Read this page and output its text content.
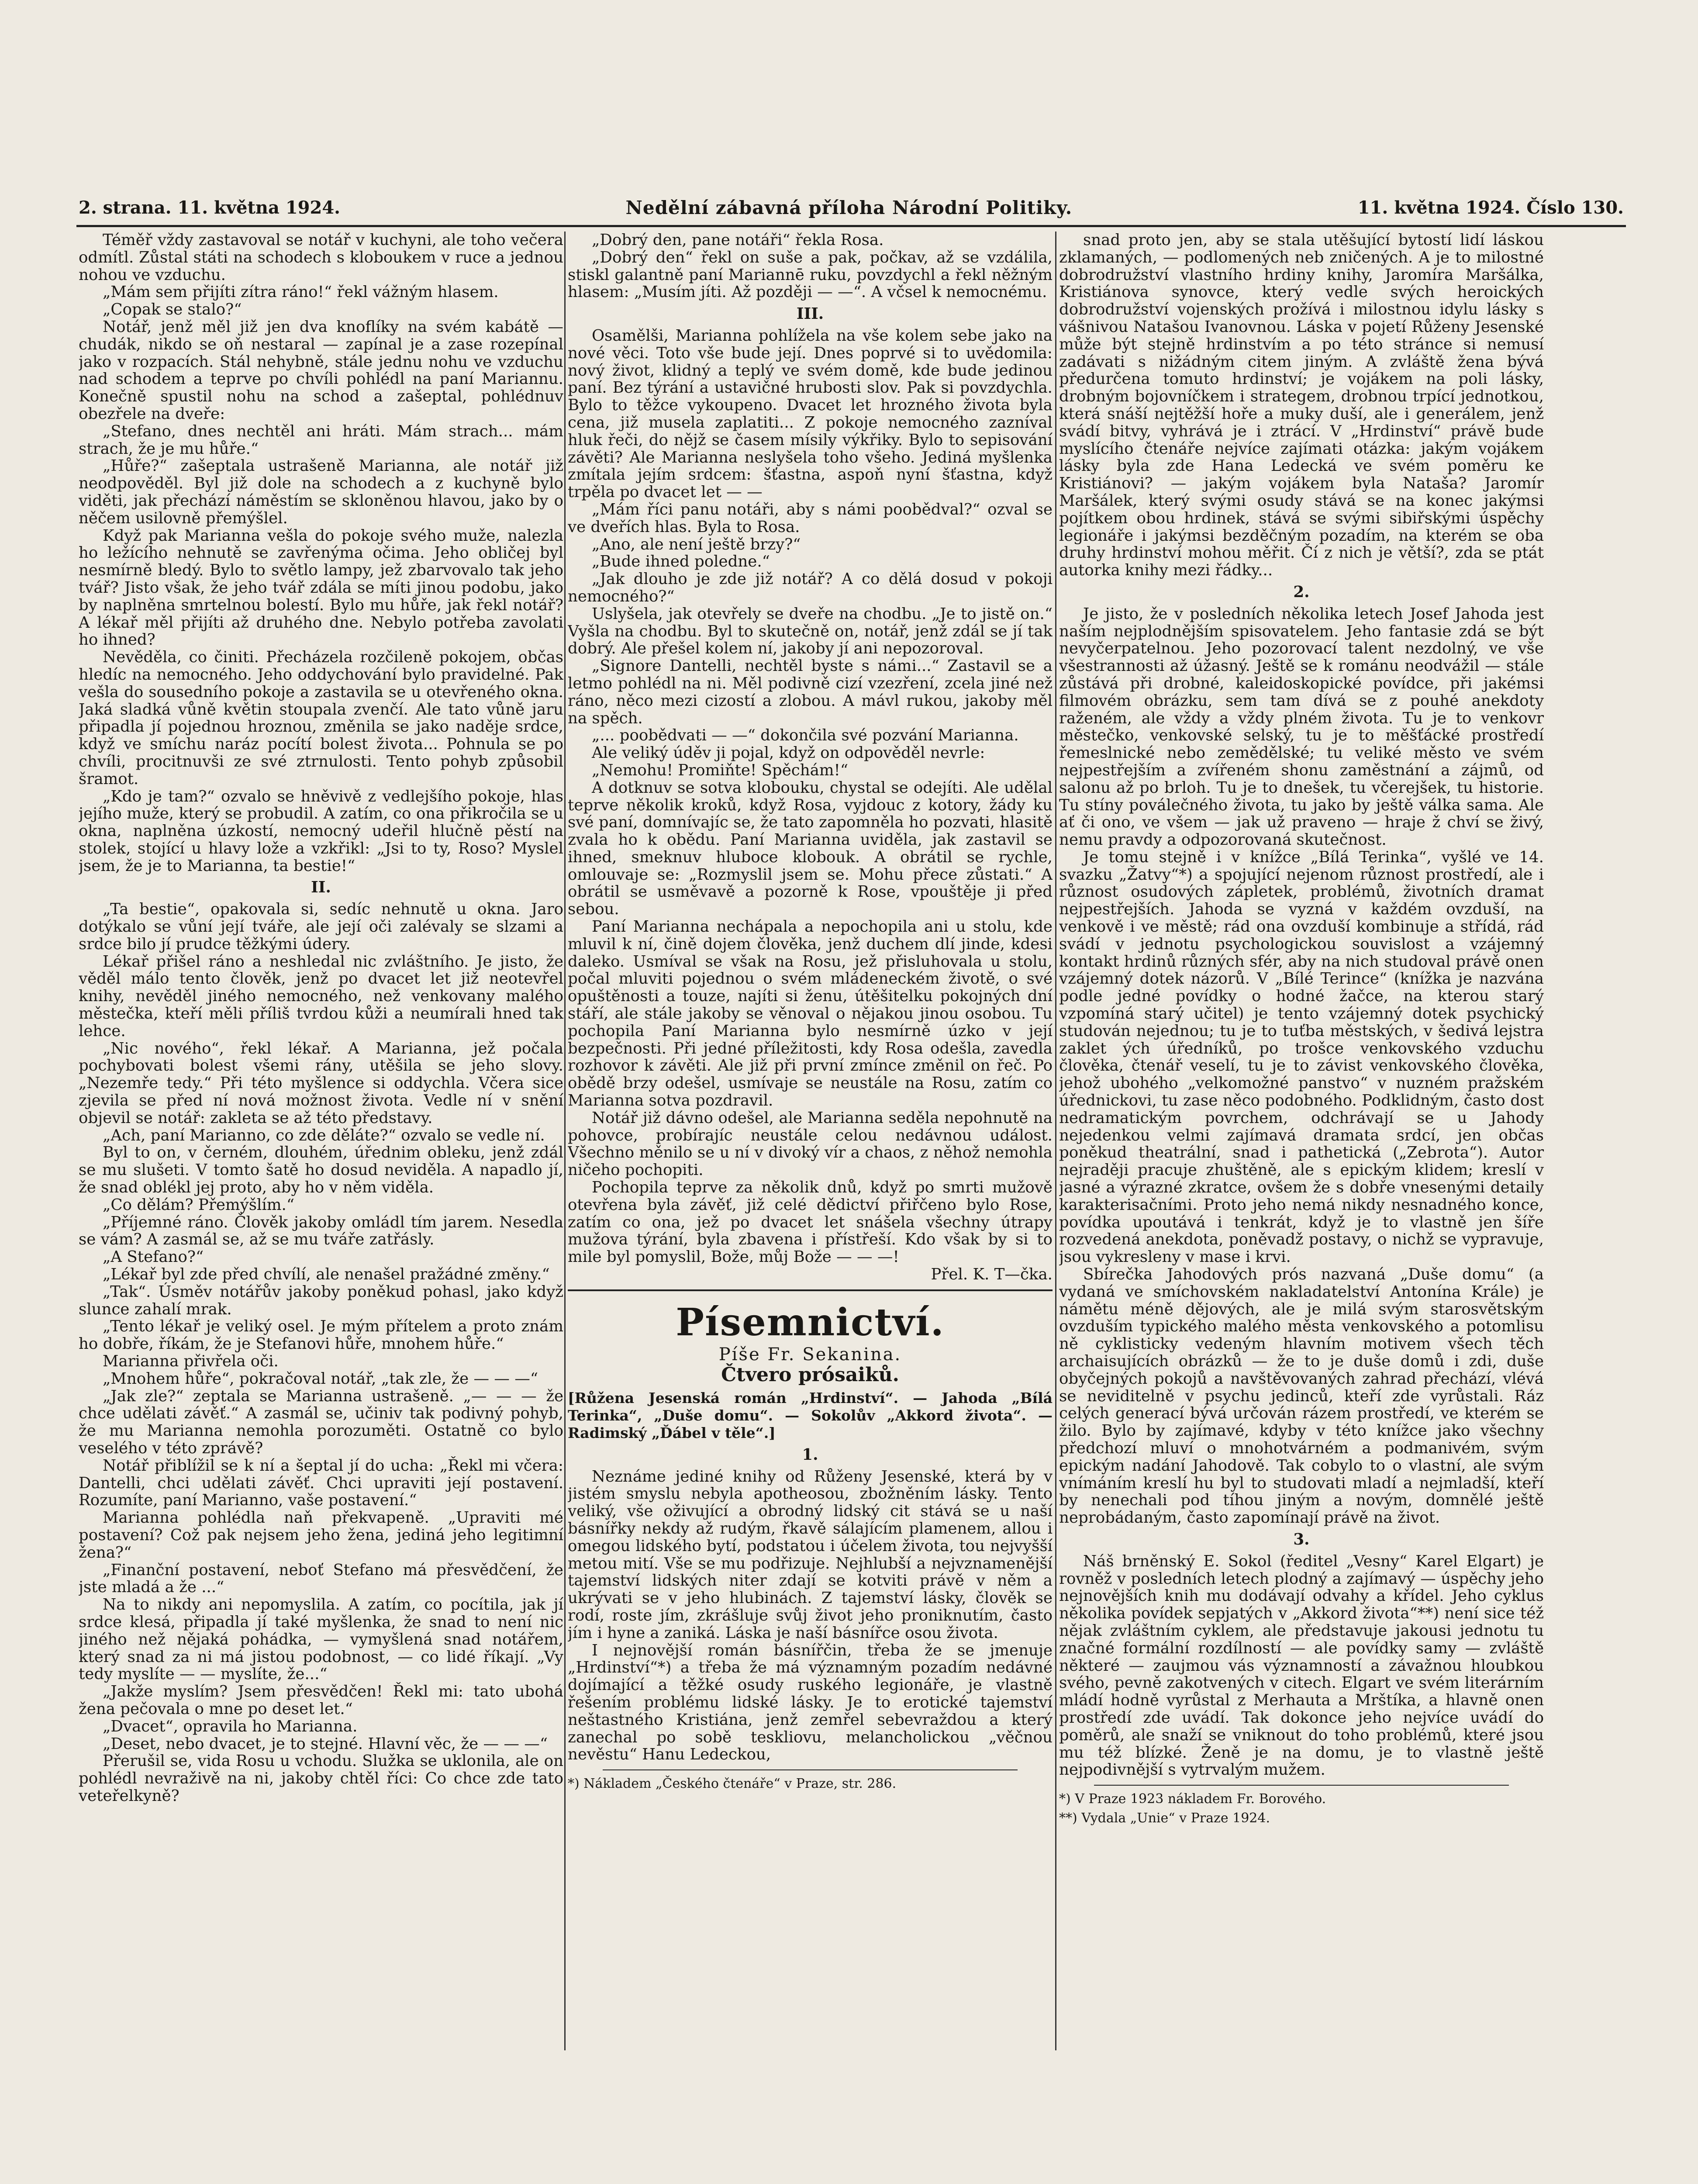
2. strana. 11. května 1924.	Nedělní zábavná příloha Národní Politiky.	11. května 1924. Číslo 130.

Téměř vždy zastavoval se notář v kuchyni, ale toho večera odmítl. Zůstal státi na schodech s kloboukem v ruce a jednou nohou ve vzduchu.

„Mám sem přijíti zítra ráno!“ řekl vážným hlasem.

„Copak se stalo?“

Notář, jenž měl již jen dva knoflíky na svém kabátě — chudák, nikdo se oň nestaral — zapínal je a zase rozepínal jako v rozpacích. Stál nehybně, stále jednu nohu ve vzduchu nad schodem a teprve po chvíli pohlédl na paní Mariannu. Konečně spustil nohu na schod a zašeptal, pohlédnuv obezřele na dveře:

„Stefano, dnes nechtěl ani hráti. Mám strach... mám strach, že je mu hůře.“

„Hůře?“ zašeptala ustrašeně Marianna, ale notář již neodpověděl. Byl již dole na schodech a z kuchyně bylo viděti, jak přechází náměstím se skloněnou hlavou, jako by o něčem usilovně přemýšlel.

Když pak Marianna vešla do pokoje svého muže, nalezla ho ležícího nehnutě se zavřenýma očima. Jeho obličej byl nesmírně bledý. Bylo to světlo lampy, jež zbarvovalo tak jeho tvář? Jisto však, že jeho tvář zdála se míti jinou podobu, jako by naplněna smrtelnou bolestí. Bylo mu hůře, jak řekl notář? A lékař měl přijíti až druhého dne. Nebylo potřeba zavolati ho ihned?

Nevěděla, co činiti. Přecházela rozčileně pokojem, občas hledíc na nemocného. Jeho oddychování bylo pravidelné. Pak vešla do sousedního pokoje a zastavila se u otevřeného okna. Jaká sladká vůně květin stoupala zvenčí. Ale tato vůně jaru připadla jí pojednou hroznou, změnila se jako naděje srdce, když ve smíchu naráz pocítí bolest života... Pohnula se po chvíli, procitnuvši ze své ztrnulosti. Tento pohyb způsobil šramot.

„Kdo je tam?“ ozvalo se hněvivě z vedlejšího pokoje, hlas jejího muže, který se probudil. A zatím, co ona přikročila se u okna, naplněna úzkostí, nemocný udeřil hlučně pěstí na stolek, stojící u hlavy lože a vzkřikl: „Jsi to ty, Roso? Myslel jsem, že je to Marianna, ta bestie!“

II.

„Ta bestie“, opakovala si, sedíc nehnutě u okna. Jaro dotýkalo se vůní její tváře, ale její oči zalévaly se slzami a srdce bilo jí prudce těžkými údery.

Lékař přišel ráno a neshledal nic zvláštního. Je jisto, že věděl málo tento člověk, jenž po dvacet let již neotevřel knihy, nevěděl jiného nemocného, než venkovany malého městečka, kteří měli příliš tvrdou kůži a neumírali hned tak lehce.

„Nic nového“, řekl lékař. A Marianna, jež počala pochybovati bolest všemi rány, utěšila se jeho slovy. „Nezemře tedy.“ Při této myšlence si oddychla. Včera sice zjevila se před ní nová možnost života. Vedle ní v snění objevil se notář: zakleta se až této představy.

„Ach, paní Marianno, co zde děláte?“ ozvalo se vedle ní.

Byl to on, v černém, dlouhém, úřednim obleku, jenž zdál se mu slušeti. V tomto šatě ho dosud neviděla. A napadlo jí, že snad oblékl jej proto, aby ho v něm viděla.

„Co dělám? Přemýšlím.“

„Příjemné ráno. Člověk jakoby omládl tím jarem. Nesedla se vám? A zasmál se, až se mu tváře zatřásly.

„A Stefano?“

„Lékař byl zde před chvílí, ale nenašel pražádné změny.“

„Tak“. Úsměv notářův jakoby poněkud pohasl, jako když slunce zahalí mrak.

„Tento lékař je veliký osel. Je mým přítelem a proto znám ho dobře, říkám, že je Stefanovi hůře, mnohem hůře.“

Marianna přivřela oči.

„Mnohem hůře“, pokračoval notář, „tak zle, že — — —“

„Jak zle?“ zeptala se Marianna ustrašeně. „— — — že chce udělati závěť.“ A zasmál se, učiniv tak podivný pohyb, že mu Marianna nemohla porozuměti. Ostatně co bylo veselého v této zprávě?

Notář přiblížil se k ní a šeptal jí do ucha: „Řekl mi včera: Dantelli, chci udělati závěť. Chci upraviti její postavení. Rozumíte, paní Marianno, vaše postavení.“

Marianna pohlédla naň překvapeně. „Upraviti mé postavení? Což pak nejsem jeho žena, jediná jeho legitimní žena?“

„Finanční postavení, neboť Stefano má přesvědčení, že jste mladá a že ...“

Na to nikdy ani nepomyslila. A zatím, co pocítila, jak jí srdce klesá, připadla jí také myšlenka, že snad to není nic jiného než nějaká pohádka, — vymyšlená snad notářem, který snad za ni má jistou podobnost, — co lidé říkají. „Vy tedy myslíte — — myslíte, že...“

„Jakže myslím? Jsem přesvědčen! Řekl mi: tato ubohá žena pečovala o mne po deset let.“

„Dvacet“, opravila ho Marianna.

„Deset, nebo dvacet, je to stejné. Hlavní věc, že — — —“

Přerušil se, vida Rosu u vchodu. Služka se uklonila, ale on pohlédl nevraživě na ni, jakoby chtěl říci: Co chce zde tato veteřelkyně?

„Dobrý den, pane notáři“ řekla Rosa.

„Dobrý den“ řekl on suše a pak, počkav, až se vzdálila, stiskl galantně paní Mariannē ruku, povzdychl a řekl něžným hlasem: „Musím jíti. Až později — —“. A včsel k nemocnému.

III.

Osamělši, Marianna pohlížela na vše kolem sebe jako na nové věci. Toto vše bude její. Dnes poprvé si to uvědomila: nový život, klidný a teplý ve svém domě, kde bude jedinou paní. Bez týrání a ustavičné hrubosti slov. Pak si povzdychla. Bylo to těžce vykoupeno. Dvacet let hrozného života byla cena, již musela zaplatiti... Z pokoje nemocného zazníval hluk řeči, do nějž se časem mísily výkřiky. Bylo to sepisování závěti? Ale Marianna neslyšela toho všeho. Jediná myšlenka zmítala jejím srdcem: šťastna, aspoň nyní šťastna, když trpěla po dvacet let — —

„Mám říci panu notáři, aby s námi poobědval?“ ozval se ve dveřích hlas. Byla to Rosa.

„Ano, ale není ještě brzy?“

„Bude ihned poledne.“

„Jak dlouho je zde již notář? A co dělá dosud v pokoji nemocného?“

Uslyšela, jak otevřely se dveře na chodbu. „Je to jistě on.“ Vyšla na chodbu. Byl to skutečně on, notář, jenž zdál se jí tak dobrý. Ale přešel kolem ní, jakoby jí ani nepozoroval.

„Signore Dantelli, nechtěl byste s námi...“ Zastavil se a letmo pohlédl na ni. Měl podivně cizí vzezření, zcela jiné než ráno, něco mezi cizostí a zlobou. A mávl rukou, jakoby měl na spěch.

„... poobědvati — —“ dokončila své pozvání Marianna.

Ale veliký úděv ji pojal, když on odpověděl nevrle:

„Nemohu! Promiňte! Spěchám!“

A dotknuv se sotva klobouku, chystal se odejíti. Ale udělal teprve několik kroků, když Rosa, vyjdouc z kotory, žády ku své paní, domnívajíc se, že tato zapomněla ho pozvati, hlasitě zvala ho k obědu. Paní Marianna uviděla, jak zastavil se ihned, smeknuv hluboce klobouk. A obrátil se rychle, omlouvaje se: „Rozmyslil jsem se. Mohu přece zůstati.“ A obrátil se usměvavě a pozorně k Rose, vpouštěje ji před sebou.

Paní Marianna nechápala a nepochopila ani u stolu, kde mluvil k ní, čině dojem člověka, jenž duchem dlí jinde, kdesi daleko. Usmíval se však na Rosu, jež přisluhovala u stolu, počal mluviti pojednou o svém mládeneckém životě, o své opuštěnosti a touze, najíti si ženu, útěšitelku pokojných dní stáří, ale stále jakoby se věnoval o nějakou jinou osobou. Tu pochopila Paní Marianna bylo nesmírně úzko v její bezpečnosti. Při jedné příležitosti, kdy Rosa odešla, zavedla rozhovor k závěti. Ale již při první zmínce změnil on řeč. Po obědě brzy odešel, usmívaje se neustále na Rosu, zatím co Marianna sotva pozdravil.

Notář již dávno odešel, ale Marianna seděla nepohnutě na pohovce, probírajíc neustále celou nedávnou událost. Všechno měnilo se u ní v divoký vír a chaos, z něhož nemohla ničeho pochopiti.

Pochopila teprve za několik dnů, když po smrti mužově otevřena byla závěť, již celé dědictví přiřčeno bylo Rose, zatím co ona, jež po dvacet let snášela všechny útrapy mužova týrání, byla zbavena i přístřeší. Kdo však by si to mile byl pomyslil, Bože, můj Bože — — —!

Přel. K. T—čka.

Písemnictví.

Píše Fr. Sekanina.

Čtvero prósaiků.

[Růžena Jesenská román „Hrdinství“. — Jahoda „Bílá Terinka“, „Duše domu“. — Sokolův „Akkord života“. — Radimský „Ďábel v těle“.]

1.

Neznáme jediné knihy od Růženy Jesenské, která by v jistém smyslu nebyla apotheosou, zbožněním lásky. Tento veliký, vše oživující a obrodný lidský cit stává se u naší básnířky nekdy až rudým, řkavě sálajícím plamenem, allou i omegou lidského bytí, podstatou i účelem života, tou nejvyšší metou mití. Vše se mu podřizuje. Nejhlubší a nejvznamenější tajemství lidských niter zdají se kotviti právě v něm a ukrývati se v jeho hlubinách. Z tajemství lásky, člověk se rodí, roste jím, zkrášluje svůj život jeho proniknutím, často jím i hyne a zaniká. Láska je naší básnířce osou života.

I nejnovější román básnířčin, třeba že se jmenuje „Hrdinství“*) a třeba že má významným pozadím nedávné dojímající a těžké osudy ruského legionáře, je vlastně řešením problému lidské lásky. Je to erotické tajemství neštastného Kristiána, jenž zemřel sebevraždou a který zanechal po sobě teskliovu, melancholickou „věčnou nevěstu“ Hanu Ledeckou,

*) Nákladem „Českého čtenáře“ v Praze, str. 286.

snad proto jen, aby se stala utěšující bytostí lidí láskou zklamaných, — podlomených neb zničených. A je to milostné dobrodružství vlastního hrdiny knihy, Jaromíra Maršálka, Kristiánova synovce, který vedle svých heroických dobrodružství vojenských prožívá i milostnou idylu lásky s vášnivou Natašou Ivanovnou. Láska v pojetí Růženy Jesenské může být stejně hrdinstvím a po této stránce si nemusí zadávati s nižádným citem jiným. A zvláště žena bývá předurčena tomuto hrdinství; je vojákem na poli lásky, drobným bojovníčkem i strategem, drobnou trpící jednotkou, která snáší nejtěžší hoře a muky duší, ale i generálem, jenž svádí bitvy, vyhrává je i ztrácí. V „Hrdinství“ právě bude myslícího čtenáře nejvíce zajímati otázka: jakým vojákem lásky byla zde Hana Ledecká ve svém poměru ke Kristiánovi? — jakým vojákem byla Nataša? Jaromír Maršálek, který svými osudy stává se na konec jakýmsi pojítkem obou hrdinek, stává se svými sibiřskými úspěchy legionáře i jakýmsi bezděčným pozadím, na kterém se oba druhy hrdinství mohou měřit. Čí z nich je větší?, zda se ptát autorka knihy mezi řádky...

2.

Je jisto, že v posledních několika letech Josef Jahoda jest naším nejplodnějším spisovatelem. Jeho fantasie zdá se být nevyčerpatelnou. Jeho pozorovací talent nezdolný, ve vše všestrannosti až úžasný. Ještě se k románu neodvážil — stále zůstává při drobné, kaleidoskopické povídce, při jakémsi filmovém obrázku, sem tam dívá se z pouhé anekdoty raženém, ale vždy a vždy plném života. Tu je to venkovr městečko, venkovské selský, tu je to měšťácké prostředí řemeslnické nebo zemědělské; tu veliké město ve svém nejpestřejším a zvířeném shonu zaměstnání a zájmů, od salonu až po brloh. Tu je to dnešek, tu včerejšek, tu historie. Tu stíny poválečného života, tu jako by ještě válka sama. Ale ať či ono, ve všem — jak už praveno — hraje ž chví se živý, nemu pravdy a odpozorovaná skutečnost.

Je tomu stejně i v knížce „Bílá Terinka“, vyšlé ve 14. svazku „Žatvy“*) a spojující nejenom různost prostředí, ale i různost osudových zápletek, problémů, životních dramat nejpestřejších. Jahoda se vyzná v každém ovzduší, na venkově i ve městě; rád ona ovzduší kombinuje a střídá, rád svádí v jednotu psychologickou souvislost a vzájemný kontakt hrdinů různých sfér, aby na nich studoval právě onen vzájemný dotek názorů. V „Bílé Terince“ (knížka je nazvána podle jedné povídky o hodné žačce, na kterou starý vzpomíná starý učitel) je tento vzájemný dotek psychický studován nejednou; tu je to tuťba městských, v šedivá lejstra zaklet ých úředníků, po trošce venkovského vzduchu člověka, čtenář veselí, tu je to závist venkovského člověka, jehož ubohého „velkomožné panstvo“ v nuzném pražském úřednickovi, tu zase něco podobného. Podklidným, často dost nedramatickým povrchem, odchrávají se u Jahody nejedenkou velmi zajímavá dramata srdcí, jen občas poněkud theatrální, snad i pathetická („Zebrota“). Autor nejraději pracuje zhuštěně, ale s epickým klidem; kreslí v jasné a výrazné zkratce, ovšem že s dobře vnesenými detaily karakterisačními. Proto jeho nemá nikdy nesnadného konce, povídka upoutává i tenkrát, když je to vlastně jen šíře rozvedená anekdota, poněvadž postavy, o nichž se vypravuje, jsou vykresleny v mase i krvi.

Sbírečka Jahodových prós nazvaná „Duše domu“ (a vydaná ve smíchovském nakladatelství Antonína Krále) je námětu méně dějových, ale je milá svým starosvětským ovzduším typického malého města venkovského a potomlisu ně cyklisticky vedeným hlavním motivem všech těch archaisujících obrázků — že to je duše domů i zdi, duše obyčejných pokojů a navštěvovaných zahrad přechází, vlévá se neviditelně v psychu jedinců, kteří zde vyrůstali. Ráz celých generací bývá určován rázem prostředí, ve kterém se žilo. Bylo by zajímavé, kdyby v této knížce jako všechny předchozí mluví o mnohotvárném a podmanivém, svým epickým nadání Jahodově. Tak cobylo to o vlastní, ale svým vnímáním kreslí hu byl to studovati mladí a nejmladší, kteří by nenechali pod tíhou jiným a novým, domnělé ještě neprobádaným, často zapomínají právě na život.

3.

Náš brněnský E. Sokol (ředitel „Vesny“ Karel Elgart) je rovněž v posledních letech plodný a zajímavý — úspěchy jeho nejnovějších knih mu dodávají odvahy a křídel. Jeho cyklus několika povídek sepjatých v „Akkord života“**) není sice též nějak zvláštním cyklem, ale představuje jakousi jednotu tu značné formální rozdílností — ale povídky samy — zvláště některé — zaujmou vás významností a závažnou hloubkou svého, pevně zakotvených v citech. Elgart ve svém literárním mládí hodně vyrůstal z Merhauta a Mrštíka, a hlavně onen prostředí zde uvádí. Tak dokonce jeho nejvíce uvádí do poměrů, ale snaží se vniknout do toho problémů, které jsou mu též blízké. Ženě je na domu, je to vlastně ještě nejpodivnější s vytrvalým mužem.

*) V Praze 1923 nákladem Fr. Borového.

**) Vydala „Unie“ v Praze 1924.
